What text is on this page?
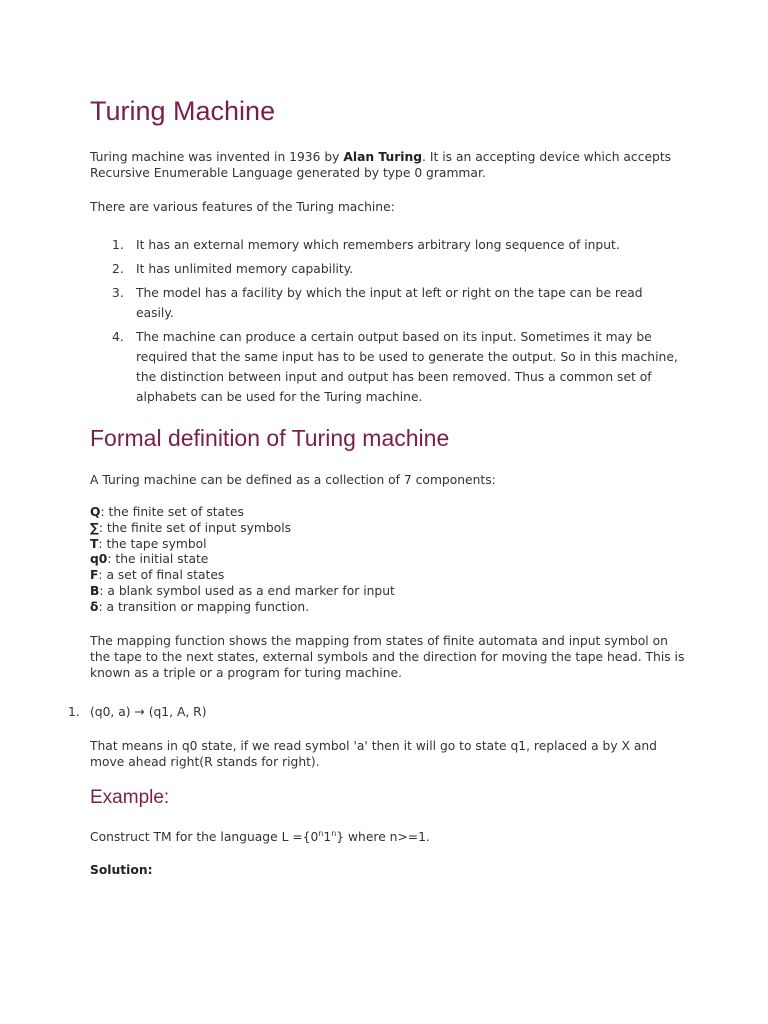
Turing Machine

Turing machine was invented in 1936 by Alan Turing. It is an accepting device which accepts Recursive Enumerable Language generated by type 0 grammar.

There are various features of the Turing machine:

1. It has an external memory which remembers arbitrary long sequence of input.
2. It has unlimited memory capability.
3. The model has a facility by which the input at left or right on the tape can be read easily.
4. The machine can produce a certain output based on its input. Sometimes it may be required that the same input has to be used to generate the output. So in this machine, the distinction between input and output has been removed. Thus a common set of alphabets can be used for the Turing machine.
Formal definition of Turing machine

A Turing machine can be defined as a collection of 7 components:

Q: the finite set of states
∑: the finite set of input symbols
T: the tape symbol
q0: the initial state
F: a set of final states
B: a blank symbol used as a end marker for input
δ: a transition or mapping function.

The mapping function shows the mapping from states of finite automata and input symbol on the tape to the next states, external symbols and the direction for moving the tape head. This is known as a triple or a program for turing machine.

1. (q0, a) → (q1, A, R)

That means in q0 state, if we read symbol 'a' then it will go to state q1, replaced a by X and move ahead right(R stands for right).

Example:

Construct TM for the language $L =\{0^n1^n\}$ where n>=1.

Solution:
